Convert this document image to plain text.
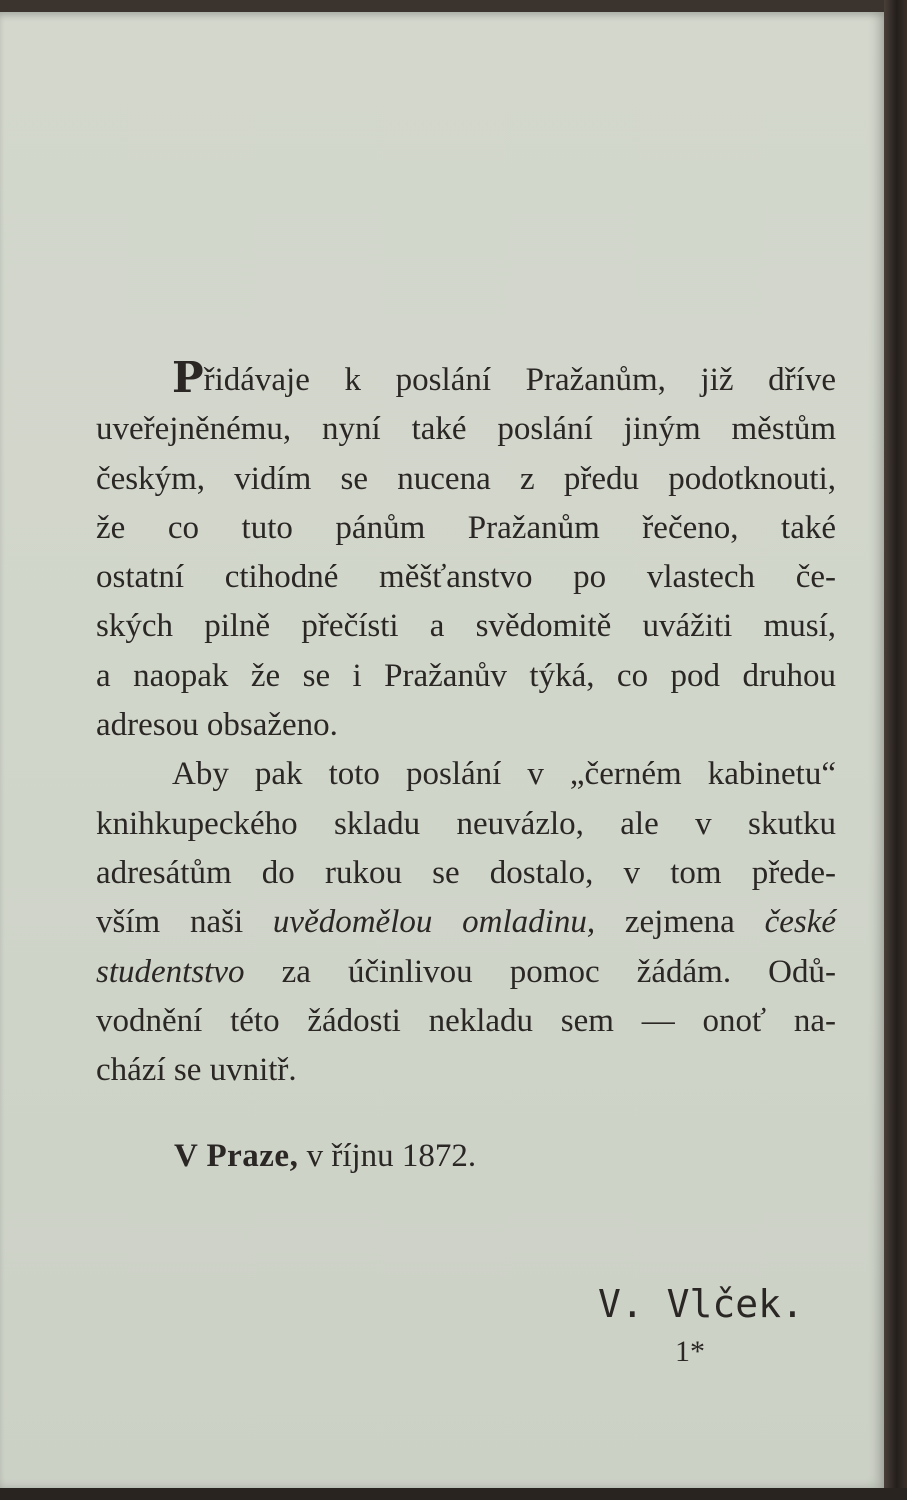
Přidávaje k poslání Pražanům, již dříve
uveřejněnému, nyní také poslání jiným městům
českým, vidím se nucena z předu podotknouti,
že co tuto pánům Pražanům řečeno, také
ostatní ctihodné měšťanstvo po vlastech če-
ských pilně přečísti a svědomitě uvážiti musí,
a naopak že se i Pražanův týká, co pod druhou
adresou obsaženo.
Aby pak toto poslání v „černém kabinetu“
knihkupeckého skladu neuvázlo, ale v skutku
adresátům do rukou se dostalo, v tom přede-
vším naši uvědomělou omladinu, zejmena české
studentstvo za účinlivou pomoc žádám. Odů-
vodnění této žádosti nekladu sem — onoť na-
chází se uvnitř.
V Praze, v říjnu 1872.
V. Vlček.
1*
